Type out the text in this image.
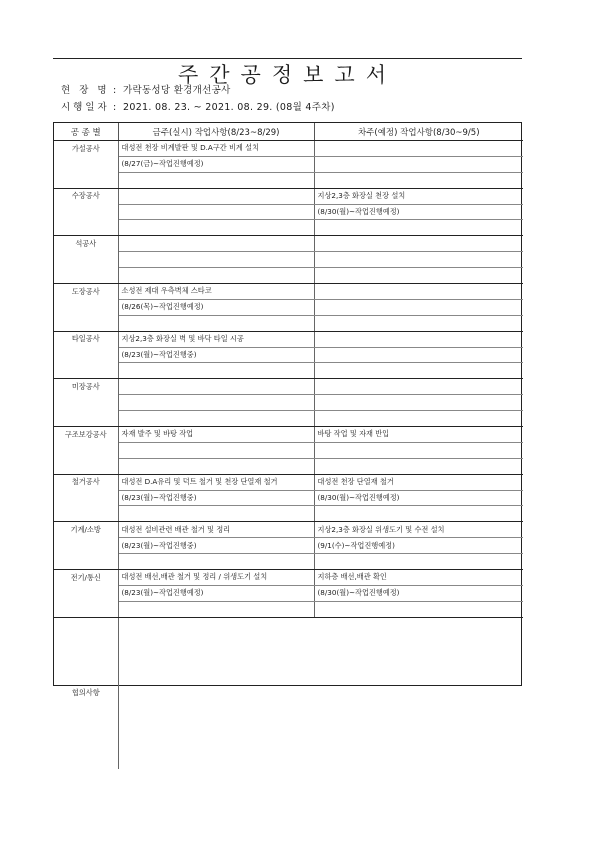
주간공정보고서
현 장 명 : 가락동성당 환경개선공사
시행일자 : 2021. 08. 23. ~ 2021. 08. 29. (08월 4주차)
공 종 별	금주(실시) 작업사항(8/23~8/29)	차주(예정) 작업사항(8/30~9/5)
가설공사	대성전 천장 비계발판 및 D.A구간 비계 설치	
	(8/27(금)~작업진행예정)	

수장공사		지상2,3층 화장실 천장 설치
		(8/30(월)~작업진행예정)

석공사		

도장공사	소성전 제대 우측벽체 스타코	
	(8/26(목)~작업진행예정)	

타일공사	지상2,3층 화장실 벽 및 바닥 타일 시공	
	(8/23(월)~작업진행중)	

미장공사		

구조보강공사	자재 발주 및 바탕 작업	바탕 작업 및 자재 반입

철거공사	대성전 D.A유리 및 덕트 철거 및 천장 단열재 철거	대성전 천장 단열재 철거
	(8/23(월)~작업진행중)	(8/30(월)~작업진행예정)

기계/소방	대성전 설비관련 배관 철거 및 정리	지상2,3층 화장실 위생도기 및 수전 설치
	(8/23(월)~작업진행중)	(9/1(수)~작업진행예정)

전기/통신	대성전 배선,배관 철거 및 정리 / 위생도기 설치	지하층 배선,배관 확인
	(8/23(월)~작업진행예정)	(8/30(월)~작업진행예정)

협의사항		
